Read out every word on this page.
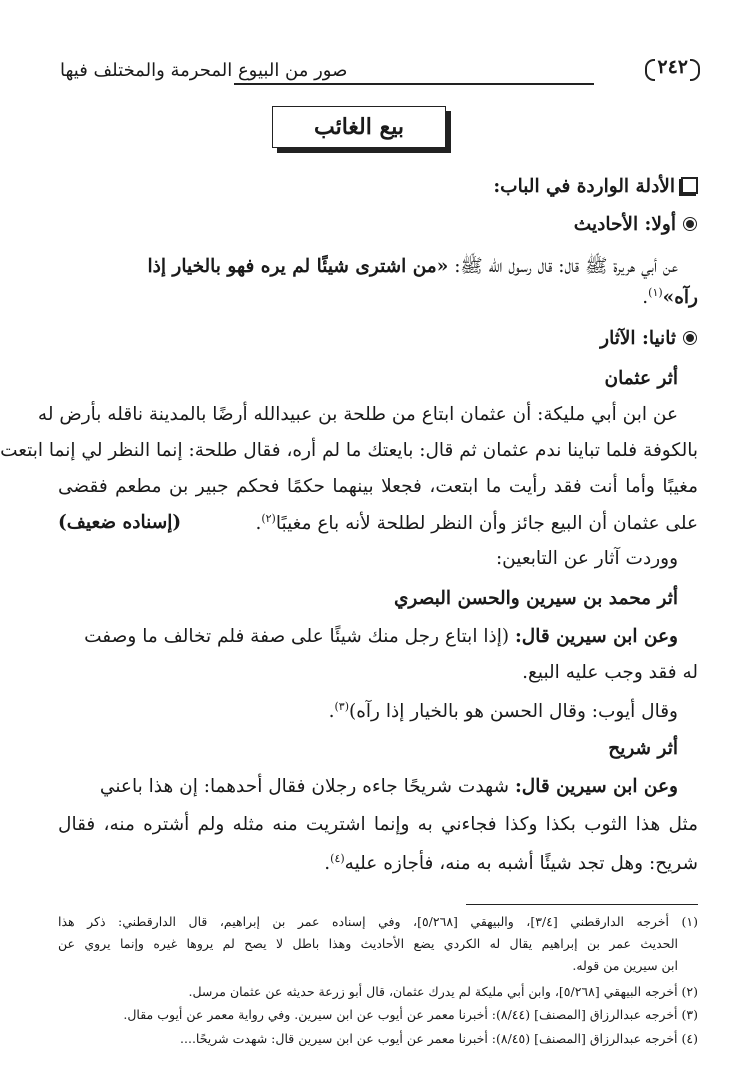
٢٤٢
صور من البيوع المحرمة والمختلف فيها
بيع الغائب
الأدلة الواردة في الباب:
أولا: الأحاديث
عن أبي هريرة ﷺ قال: قال رسول الله ﷺ: «من اشترى شيئًا لم يره فهو بالخيار إذا
رآه»$^{(١)}$.
ثانيا: الآثار
أثر عثمان
عن ابن أبي مليكة: أن عثمان ابتاع من طلحة بن عبيدالله أرضًا بالمدينة ناقله بأرض له
بالكوفة فلما تباينا ندم عثمان ثم قال: بايعتك ما لم أره، فقال طلحة: إنما النظر لي إنما ابتعت
مغيبًا وأما أنت فقد رأيت ما ابتعت، فجعلا بينهما حكمًا فحكم جبير بن مطعم فقضى
على عثمان أن البيع جائز وأن النظر لطلحة لأنه باع مغيبًا$^{(٢)}$.
(إسناده ضعيف)
ووردت آثار عن التابعين:
أثر محمد بن سيرين والحسن البصري
وعن ابن سيرين قال: (إذا ابتاع رجل منك شيئًا على صفة فلم تخالف ما وصفت
له فقد وجب عليه البيع.
وقال أيوب: وقال الحسن هو بالخيار إذا رآه)$^{(٣)}$.
أثر شريح
وعن ابن سيرين قال: شهدت شريحًا جاءه رجلان فقال أحدهما: إن هذا باعني
مثل هذا الثوب بكذا وكذا فجاءني به وإنما اشتريت منه مثله ولم أشتره منه، فقال
شريح: وهل تجد شيئًا أشبه به منه، فأجازه عليه$^{(٤)}$.
(١) أخرجه الدارقطني [٣/٤]، والبيهقي [٥/٢٦٨]، وفي إسناده عمر بن إبراهيم، قال الدارقطني: ذكر هذا
الحديث عمر بن إبراهيم يقال له الكردي يضع الأحاديث وهذا باطل لا يصح لم يروها غيره وإنما يروي عن
ابن سيرين من قوله.
(٢) أخرجه البيهقي [٥/٢٦٨]، وابن أبي مليكة لم يدرك عثمان، قال أبو زرعة حديثه عن عثمان مرسل.
(٣) أخرجه عبدالرزاق [المصنف] (٨/٤٤): أخبرنا معمر عن أيوب عن ابن سيرين. وفي رواية معمر عن أيوب مقال.
(٤) أخرجه عبدالرزاق [المصنف] (٨/٤٥): أخبرنا معمر عن أيوب عن ابن سيرين قال: شهدت شريحًا....
